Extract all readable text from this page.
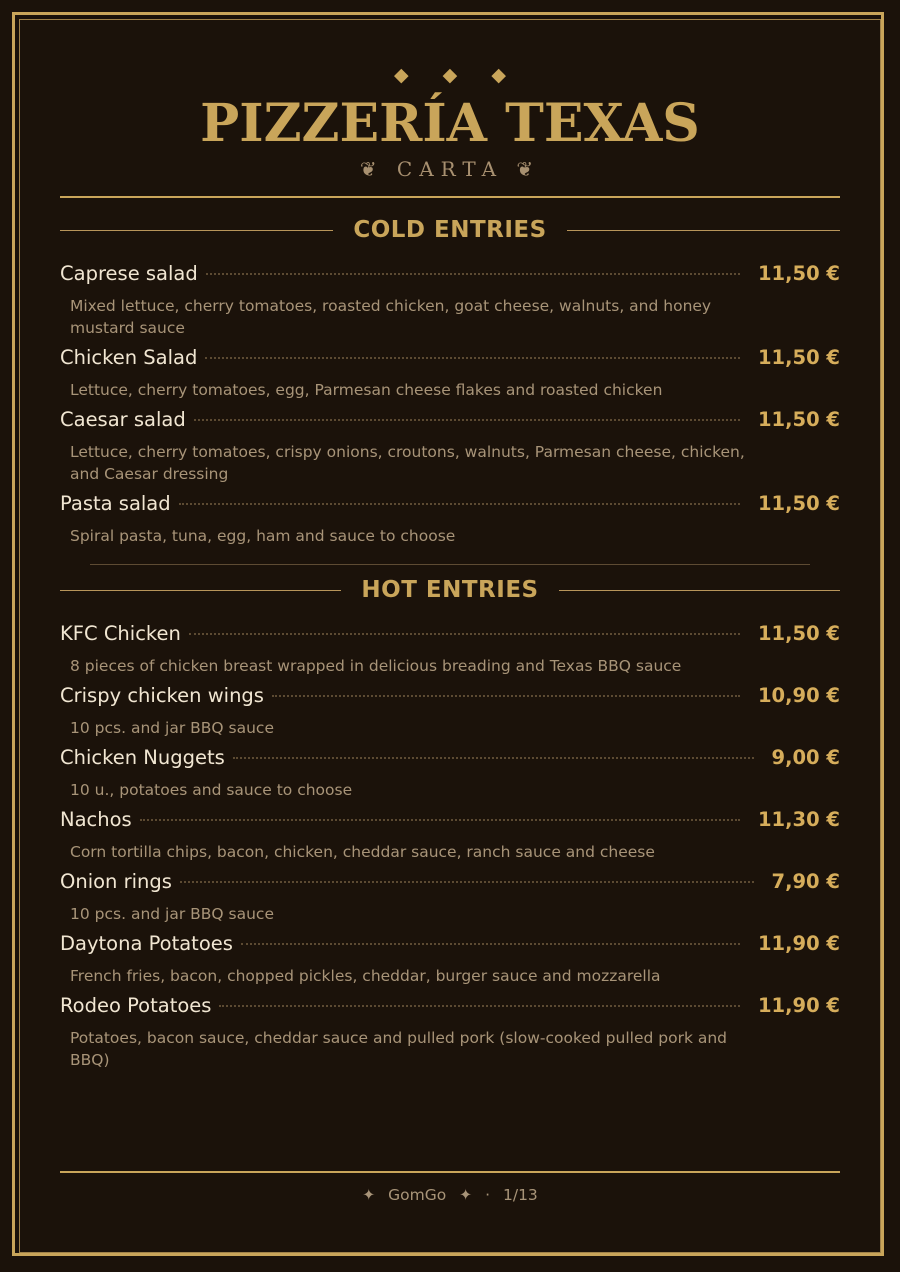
◆ ◆ ◆
PIZZERÍA TEXAS
❦ CARTA ❦
COLD ENTRIES
Caprese salad	11,50 €
Mixed lettuce, cherry tomatoes, roasted chicken, goat cheese, walnuts, and honey mustard sauce
Chicken Salad	11,50 €
Lettuce, cherry tomatoes, egg, Parmesan cheese flakes and roasted chicken
Caesar salad	11,50 €
Lettuce, cherry tomatoes, crispy onions, croutons, walnuts, Parmesan cheese, chicken, and Caesar dressing
Pasta salad	11,50 €
Spiral pasta, tuna, egg, ham and sauce to choose
HOT ENTRIES
KFC Chicken	11,50 €
8 pieces of chicken breast wrapped in delicious breading and Texas BBQ sauce
Crispy chicken wings	10,90 €
10 pcs. and jar BBQ sauce
Chicken Nuggets	9,00 €
10 u., potatoes and sauce to choose
Nachos	11,30 €
Corn tortilla chips, bacon, chicken, cheddar sauce, ranch sauce and cheese
Onion rings	7,90 €
10 pcs. and jar BBQ sauce
Daytona Potatoes	11,90 €
French fries, bacon, chopped pickles, cheddar, burger sauce and mozzarella
Rodeo Potatoes	11,90 €
Potatoes, bacon sauce, cheddar sauce and pulled pork (slow-cooked pulled pork and BBQ)
✦ GomGo ✦ · 1/13
